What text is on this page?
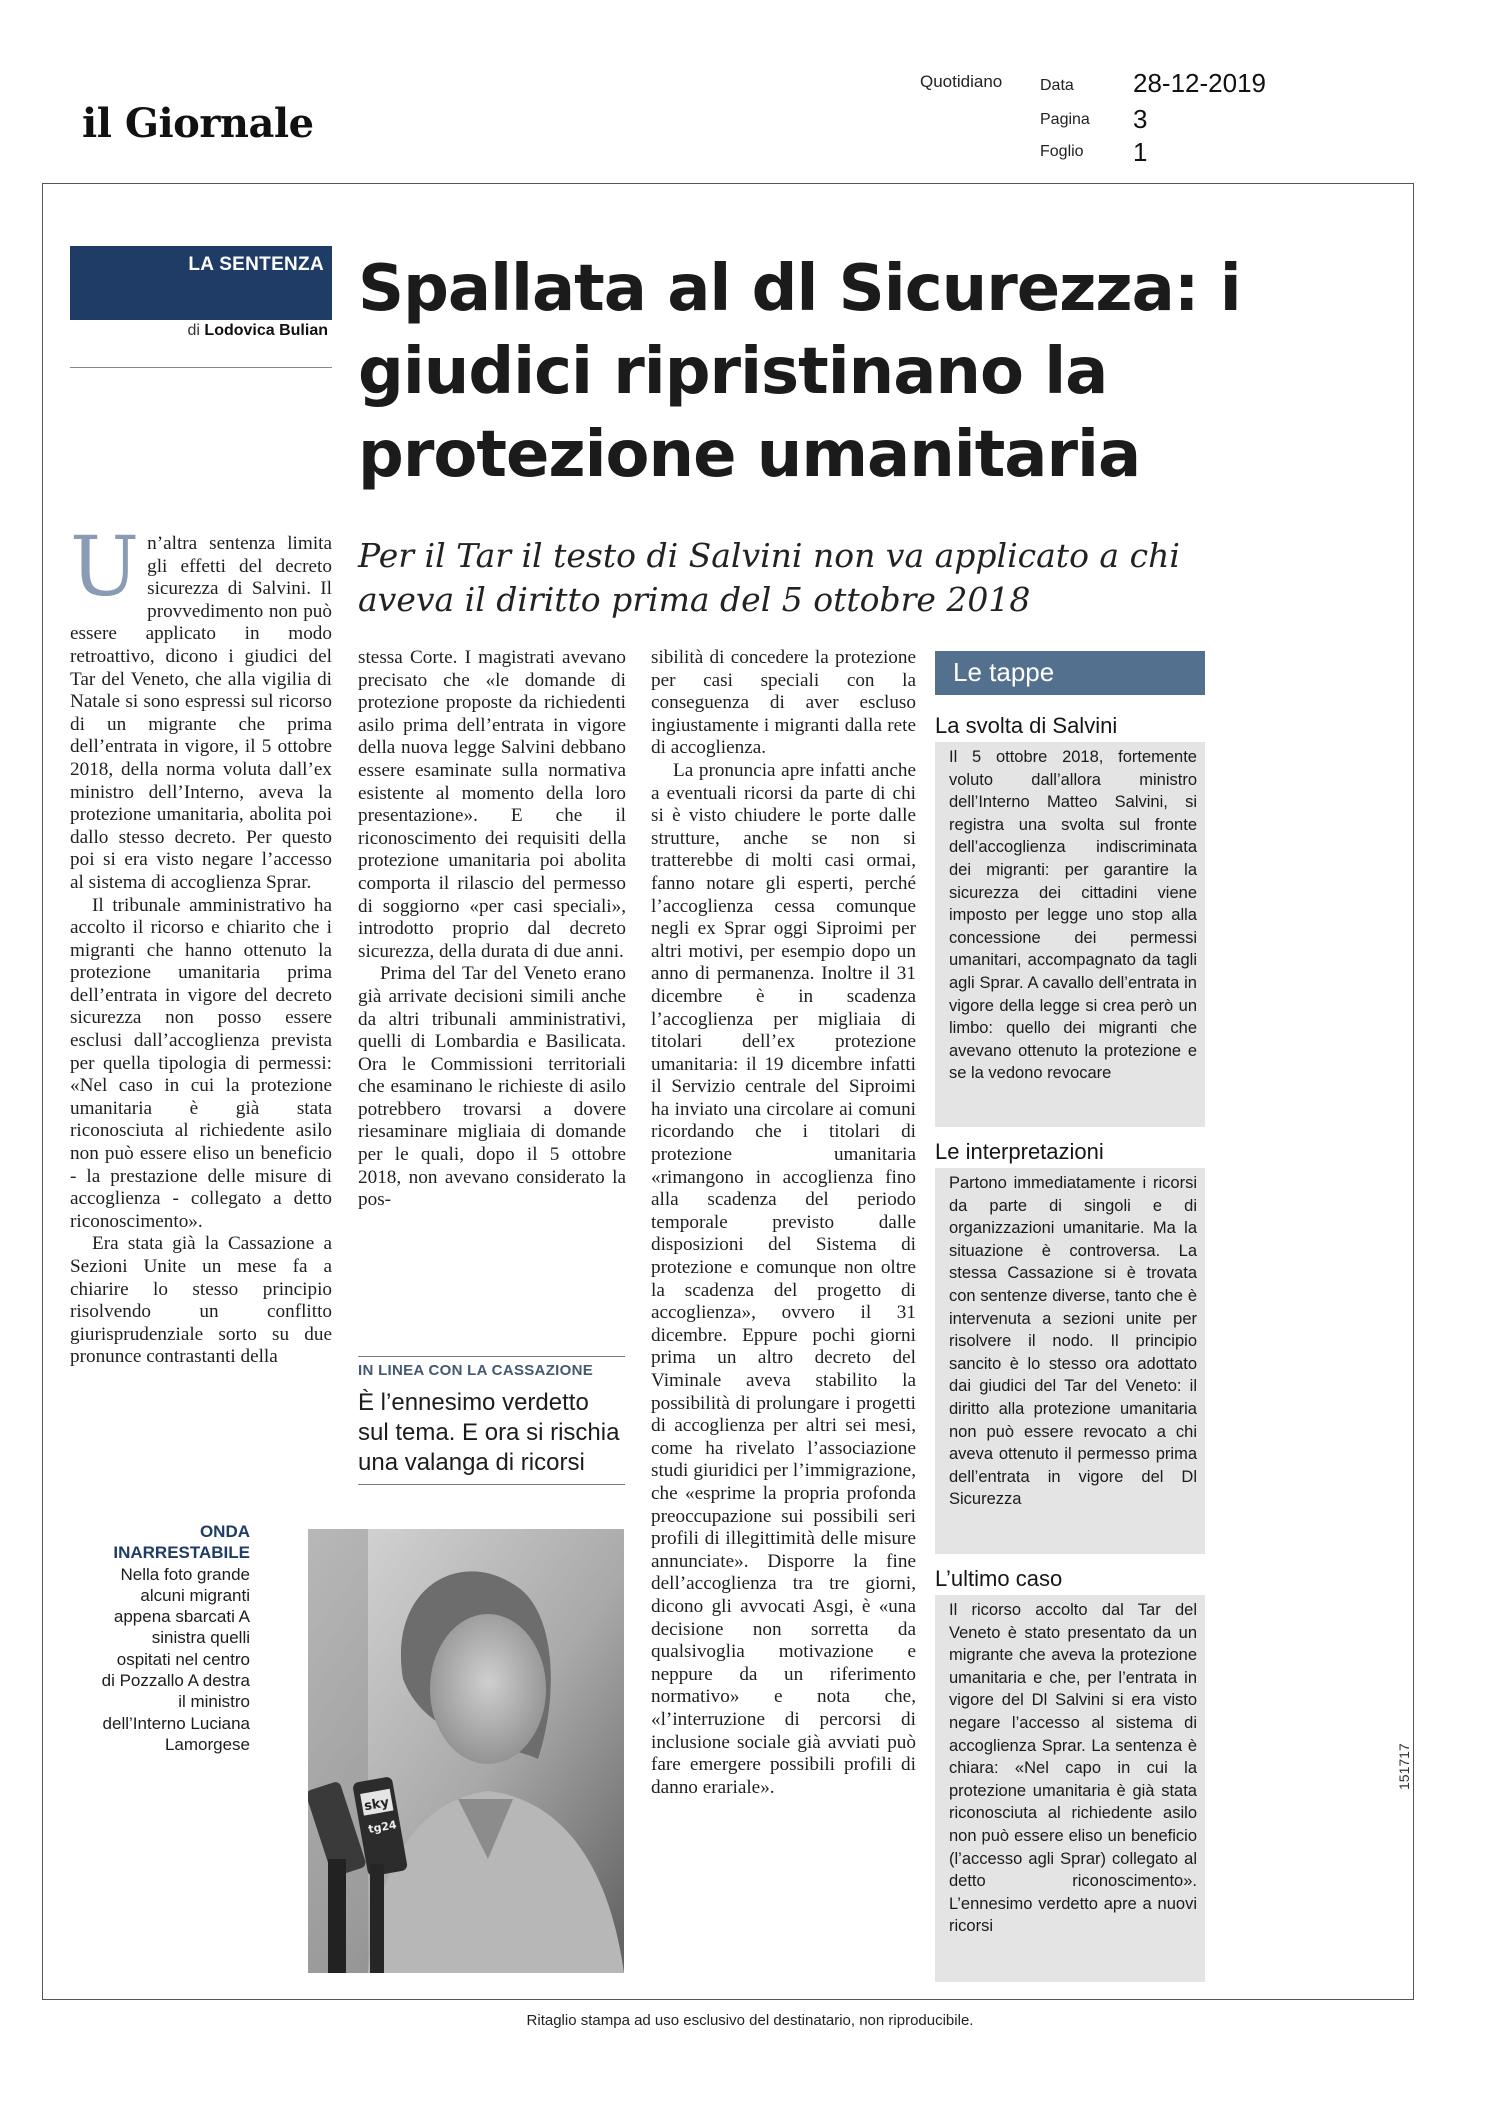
il Giornale
Quotidiano Data 28-12-2019
Pagina 3
Foglio 1
LA SENTENZA
di Lodovica Bulian
Spallata al dl Sicurezza: i giudici ripristinano la protezione umanitaria
Per il Tar il testo di Salvini non va applicato a chi aveva il diritto prima del 5 ottobre 2018

Un’altra sentenza limita gli effetti del decreto sicurezza di Salvini. Il provvedimento non può essere applicato in modo retroattivo, dicono i giudici del Tar del Veneto, che alla vigilia di Natale si sono espressi sul ricorso di un migrante che prima dell’entrata in vigore, il 5 ottobre 2018, della norma voluta dall’ex ministro dell’Interno, aveva la protezione umanitaria, abolita poi dallo stesso decreto. Per questo poi si era visto negare l’accesso al sistema di accoglienza Sprar.

Il tribunale amministrativo ha accolto il ricorso e chiarito che i migranti che hanno ottenuto la protezione umanitaria prima dell’entrata in vigore del decreto sicurezza non posso essere esclusi dall’accoglienza prevista per quella tipologia di permessi: «Nel caso in cui la protezione umanitaria è già stata riconosciuta al richiedente asilo non può essere eliso un beneficio - la prestazione delle misure di accoglienza - collegato a detto riconoscimento».

Era stata già la Cassazione a Sezioni Unite un mese fa a chiarire lo stesso principio risolvendo un conflitto giurisprudenziale sorto su due pronunce contrastanti della

stessa Corte. I magistrati avevano precisato che «le domande di protezione proposte da richiedenti asilo prima dell’entrata in vigore della nuova legge Salvini debbano essere esaminate sulla normativa esistente al momento della loro presentazione». E che il riconoscimento dei requisiti della protezione umanitaria poi abolita comporta il rilascio del permesso di soggiorno «per casi speciali», introdotto proprio dal decreto sicurezza, della durata di due anni.

Prima del Tar del Veneto erano già arrivate decisioni simili anche da altri tribunali amministrativi, quelli di Lombardia e Basilicata. Ora le Commissioni territoriali che esaminano le richieste di asilo potrebbero trovarsi a dovere riesaminare migliaia di domande per le quali, dopo il 5 ottobre 2018, non avevano considerato la pos-

IN LINEA CON LA CASSAZIONE
È l’ennesimo verdetto sul tema. E ora si rischia una valanga di ricorsi
ONDA INARRESTABILE
Nella foto grande alcuni migranti appena sbarcati A sinistra quelli ospitati nel centro di Pozzallo A destra il ministro dell’Interno Luciana Lamorgese
sky
tg24

sibilità di concedere la protezione per casi speciali con la conseguenza di aver escluso ingiustamente i migranti dalla rete di accoglienza.

La pronuncia apre infatti anche a eventuali ricorsi da parte di chi si è visto chiudere le porte dalle strutture, anche se non si tratterebbe di molti casi ormai, fanno notare gli esperti, perché l’accoglienza cessa comunque negli ex Sprar oggi Siproimi per altri motivi, per esempio dopo un anno di permanenza. Inoltre il 31 dicembre è in scadenza l’accoglienza per migliaia di titolari dell’ex protezione umanitaria: il 19 dicembre infatti il Servizio centrale del Siproimi ha inviato una circolare ai comuni ricordando che i titolari di protezione umanitaria «rimangono in accoglienza fino alla scadenza del periodo temporale previsto dalle disposizioni del Sistema di protezione e comunque non oltre la scadenza del progetto di accoglienza», ovvero il 31 dicembre. Eppure pochi giorni prima un altro decreto del Viminale aveva stabilito la possibilità di prolungare i progetti di accoglienza per altri sei mesi, come ha rivelato l’associazione studi giuridici per l’immigrazione, che «esprime la propria profonda preoccupazione sui possibili seri profili di illegittimità delle misure annunciate». Disporre la fine dell’accoglienza tra tre giorni, dicono gli avvocati Asgi, è «una decisione non sorretta da qualsivoglia motivazione e neppure da un riferimento normativo» e nota che, «l’interruzione di percorsi di inclusione sociale già avviati può fare emergere possibili profili di danno erariale».

Le tappe
La svolta di Salvini
Il 5 ottobre 2018, fortemente voluto dall’allora ministro dell’Interno Matteo Salvini, si registra una svolta sul fronte dell’accoglienza indiscriminata dei migranti: per garantire la sicurezza dei cittadini viene imposto per legge uno stop alla concessione dei permessi umanitari, accompagnato da tagli agli Sprar. A cavallo dell’entrata in vigore della legge si crea però un limbo: quello dei migranti che avevano ottenuto la protezione e se la vedono revocare
Le interpretazioni
Partono immediatamente i ricorsi da parte di singoli e di organizzazioni umanitarie. Ma la situazione è controversa. La stessa Cassazione si è trovata con sentenze diverse, tanto che è intervenuta a sezioni unite per risolvere il nodo. Il principio sancito è lo stesso ora adottato dai giudici del Tar del Veneto: il diritto alla protezione umanitaria non può essere revocato a chi aveva ottenuto il permesso prima dell’entrata in vigore del Dl Sicurezza
L’ultimo caso
Il ricorso accolto dal Tar del Veneto è stato presentato da un migrante che aveva la protezione umanitaria e che, per l’entrata in vigore del Dl Salvini si era visto negare l’accesso al sistema di accoglienza Sprar. La sentenza è chiara: «Nel capo in cui la protezione umanitaria è già stata riconosciuta al richiedente asilo non può essere eliso un beneficio (l’accesso agli Sprar) collegato al detto riconoscimento». L’ennesimo verdetto apre a nuovi ricorsi
151717
Ritaglio stampa ad uso esclusivo del destinatario, non riproducibile.
